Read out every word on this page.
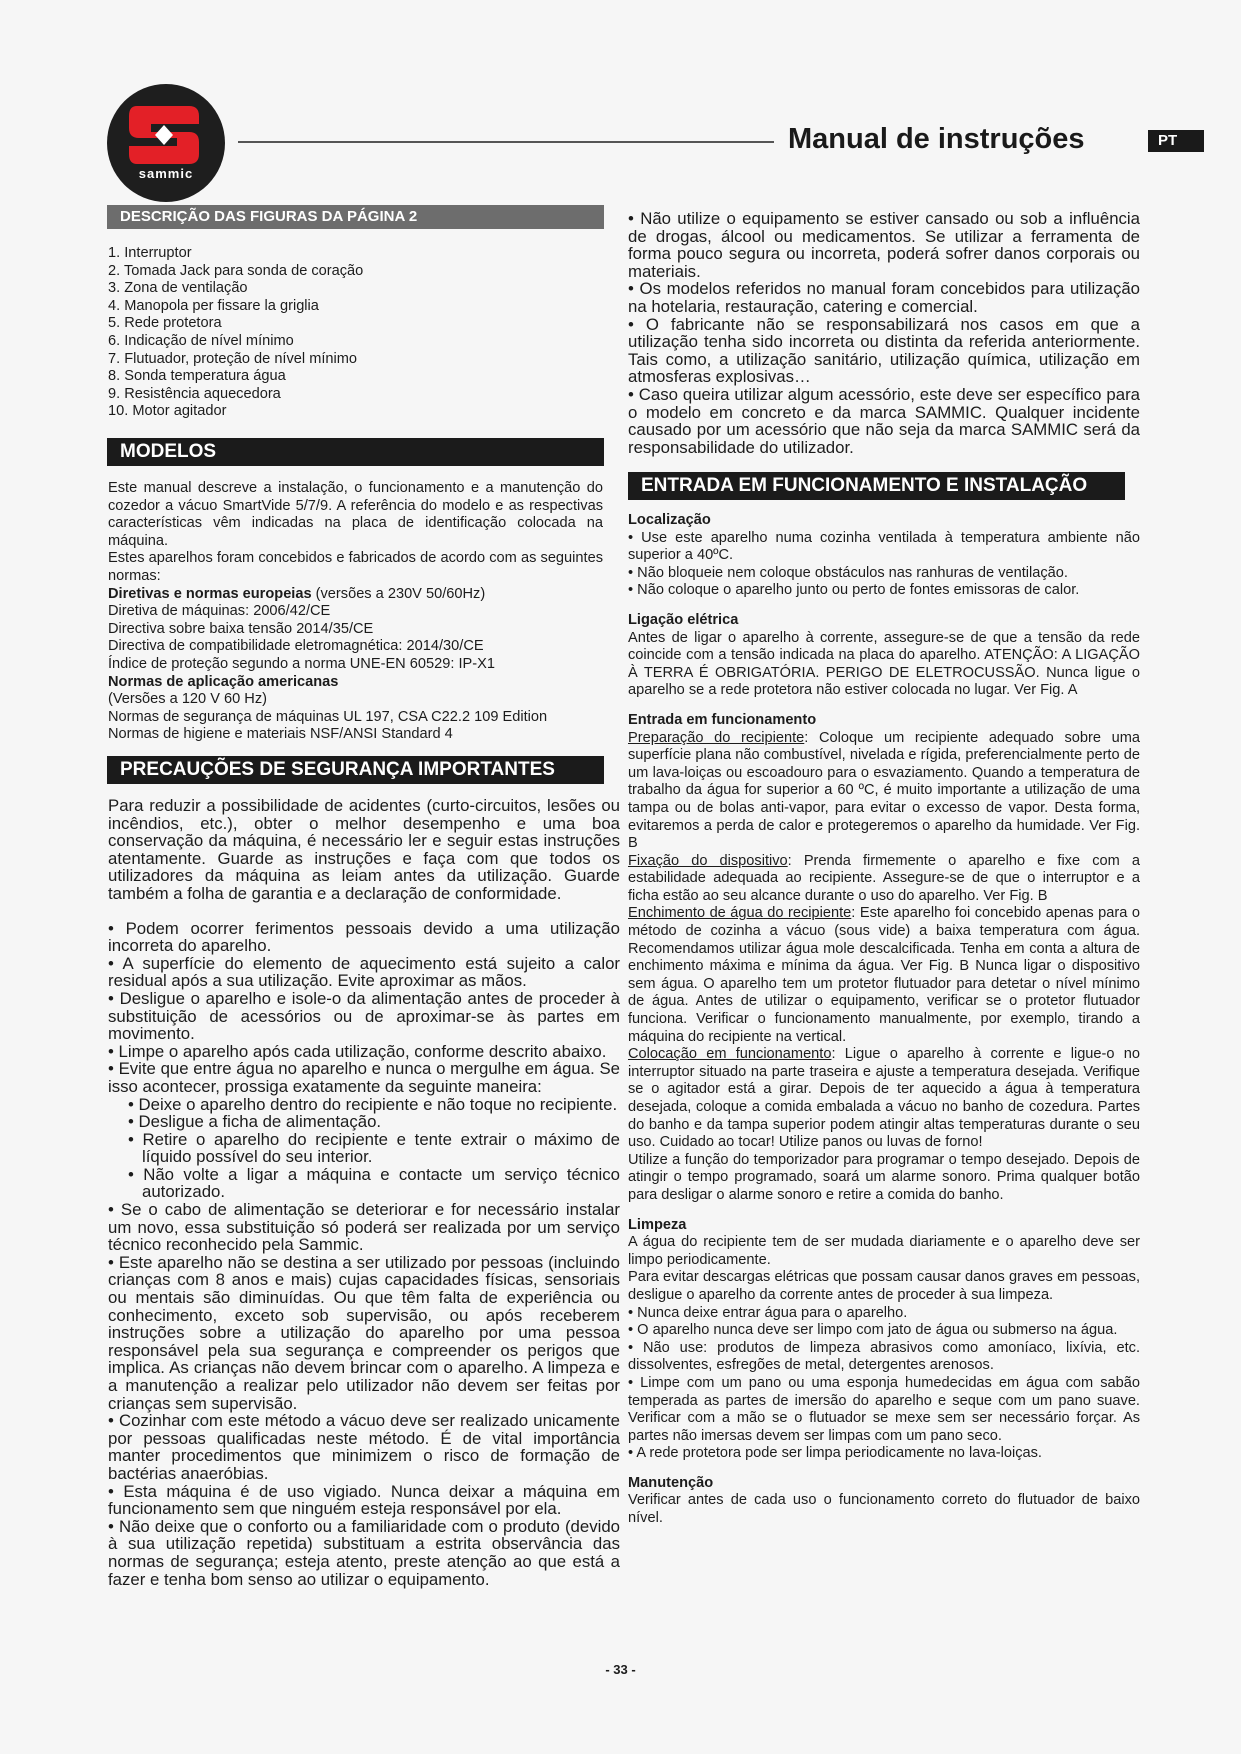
sammic
Manual de instruções	PT
DESCRIÇÃO DAS FIGURAS DA PÁGINA 2
1. Interruptor
2. Tomada Jack para sonda de coração
3. Zona de ventilação
4. Manopola per fissare la griglia
5. Rede protetora
6. Indicação de nível mínimo
7. Flutuador, proteção de nível mínimo
8. Sonda temperatura água
9. Resistência aquecedora
10. Motor agitador
MODELOS

Este manual descreve a instalação, o funcionamento e a manutenção do cozedor a vácuo SmartVide 5/7/9. A referência do modelo e as respectivas características vêm indicadas na placa de identificação colocada na máquina.

Estes aparelhos foram concebidos e fabricados de acordo com as seguintes normas:

Diretivas e normas europeias (versões a 230V 50/60Hz)

Diretiva de máquinas: 2006/42/CE
Directiva sobre baixa tensão 2014/35/CE
Directiva de compatibilidade eletromagnética: 2014/30/CE
Índice de proteção segundo a norma UNE-EN 60529: IP-X1
Normas de aplicação americanas
(Versões a 120 V 60 Hz)
Normas de segurança de máquinas UL 197, CSA C22.2 109 Edition
Normas de higiene e materiais NSF/ANSI Standard 4
PRECAUÇÕES DE SEGURANÇA IMPORTANTES

Para reduzir a possibilidade de acidentes (curto-circuitos, lesões ou incêndios, etc.), obter o melhor desempenho e uma boa conservação da máquina, é necessário ler e seguir estas instruções atentamente. Guarde as instruções e faça com que todos os utilizadores da máquina as leiam antes da utilização. Guarde também a folha de garantia e a declaração de conformidade.

• Podem ocorrer ferimentos pessoais devido a uma utilização incorreta do aparelho.

• A superfície do elemento de aquecimento está sujeito a calor residual após a sua utilização. Evite aproximar as mãos.

• Desligue o aparelho e isole-o da alimentação antes de proceder à substituição de acessórios ou de aproximar-se às partes em movimento.

• Limpe o aparelho após cada utilização, conforme descrito abaixo.

• Evite que entre água no aparelho e nunca o mergulhe em água. Se isso acontecer, prossiga exatamente da seguinte maneira:

• Deixe o aparelho dentro do recipiente e não toque no recipiente.

• Desligue a ficha de alimentação.

• Retire o aparelho do recipiente e tente extrair o máximo de líquido possível do seu interior.

• Não volte a ligar a máquina e contacte um serviço técnico autorizado.

• Se o cabo de alimentação se deteriorar e for necessário instalar um novo, essa substituição só poderá ser realizada por um serviço técnico reconhecido pela Sammic.

• Este aparelho não se destina a ser utilizado por pessoas (incluindo crianças com 8 anos e mais) cujas capacidades físicas, sensoriais ou mentais são diminuídas. Ou que têm falta de experiência ou conhecimento, exceto sob supervisão, ou após receberem instruções sobre a utilização do aparelho por uma pessoa responsável pela sua segurança e compreender os perigos que implica. As crianças não devem brincar com o aparelho. A limpeza e a manutenção a realizar pelo utilizador não devem ser feitas por crianças sem supervisão.

• Cozinhar com este método a vácuo deve ser realizado unicamente por pessoas qualificadas neste método. É de vital importância manter procedimentos que minimizem o risco de formação de bactérias anaeróbias.

• Esta máquina é de uso vigiado. Nunca deixar a máquina em funcionamento sem que ninguém esteja responsável por ela.

• Não deixe que o conforto ou a familiaridade com o produto (devido à sua utilização repetida) substituam a estrita observância das normas de segurança; esteja atento, preste atenção ao que está a fazer e tenha bom senso ao utilizar o equipamento.

• Não utilize o equipamento se estiver cansado ou sob a influência de drogas, álcool ou medicamentos. Se utilizar a ferramenta de forma pouco segura ou incorreta, poderá sofrer danos corporais ou materiais.

• Os modelos referidos no manual foram concebidos para utilização na hotelaria, restauração, catering e comercial.

• O fabricante não se responsabilizará nos casos em que a utilização tenha sido incorreta ou distinta da referida anteriormente. Tais como, a utilização sanitário, utilização química, utilização em atmosferas explosivas…

• Caso queira utilizar algum acessório, este deve ser específico para o modelo em concreto e da marca SAMMIC. Qualquer incidente causado por um acessório que não seja da marca SAMMIC será da responsabilidade do utilizador.

ENTRADA EM FUNCIONAMENTO E INSTALAÇÃO
Localização

• Use este aparelho numa cozinha ventilada à temperatura ambiente não superior a 40ºC.

• Não bloqueie nem coloque obstáculos nas ranhuras de ventilação.

• Não coloque o aparelho junto ou perto de fontes emissoras de calor.

Ligação elétrica

Antes de ligar o aparelho à corrente, assegure-se de que a tensão da rede coincide com a tensão indicada na placa do aparelho. ATENÇÃO: A LIGAÇÃO À TERRA É OBRIGATÓRIA. PERIGO DE ELETROCUSSÃO. Nunca ligue o aparelho se a rede protetora não estiver colocada no lugar. Ver Fig. A

Entrada em funcionamento

Preparação do recipiente: Coloque um recipiente adequado sobre uma superfície plana não combustível, nivelada e rígida, preferencialmente perto de um lava-loiças ou escoadouro para o esvaziamento. Quando a temperatura de trabalho da água for superior a 60 ºC, é muito importante a utilização de uma tampa ou de bolas anti-vapor, para evitar o excesso de vapor. Desta forma, evitaremos a perda de calor e protegeremos o aparelho da humidade. Ver Fig. B

Fixação do dispositivo: Prenda firmemente o aparelho e fixe com a estabilidade adequada ao recipiente. Assegure-se de que o interruptor e a ficha estão ao seu alcance durante o uso do aparelho. Ver Fig. B

Enchimento de água do recipiente: Este aparelho foi concebido apenas para o método de cozinha a vácuo (sous vide) a baixa temperatura com água. Recomendamos utilizar água mole descalcificada. Tenha em conta a altura de enchimento máxima e mínima da água. Ver Fig. B Nunca ligar o dispositivo sem água. O aparelho tem um protetor flutuador para detetar o nível mínimo de água. Antes de utilizar o equipamento, verificar se o protetor flutuador funciona. Verificar o funcionamento manualmente, por exemplo, tirando a máquina do recipiente na vertical.

Colocação em funcionamento: Ligue o aparelho à corrente e ligue-o no interruptor situado na parte traseira e ajuste a temperatura desejada. Verifique se o agitador está a girar. Depois de ter aquecido a água à temperatura desejada, coloque a comida embalada a vácuo no banho de cozedura. Partes do banho e da tampa superior podem atingir altas temperaturas durante o seu uso. Cuidado ao tocar! Utilize panos ou luvas de forno!

Utilize a função do temporizador para programar o tempo desejado. Depois de atingir o tempo programado, soará um alarme sonoro. Prima qualquer botão para desligar o alarme sonoro e retire a comida do banho.

Limpeza

A água do recipiente tem de ser mudada diariamente e o aparelho deve ser limpo periodicamente.

Para evitar descargas elétricas que possam causar danos graves em pessoas, desligue o aparelho da corrente antes de proceder à sua limpeza.

• Nunca deixe entrar água para o aparelho.

• O aparelho nunca deve ser limpo com jato de água ou submerso na água.

• Não use: produtos de limpeza abrasivos como amoníaco, lixívia, etc. dissolventes, esfregões de metal, detergentes arenosos.

• Limpe com um pano ou uma esponja humedecidas em água com sabão temperada as partes de imersão do aparelho e seque com um pano suave. Verificar com a mão se o flutuador se mexe sem ser necessário forçar. As partes não imersas devem ser limpas com um pano seco.

• A rede protetora pode ser limpa periodicamente no lava-loiças.

Manutenção

Verificar antes de cada uso o funcionamento correto do flutuador de baixo nível.

- 33 -
